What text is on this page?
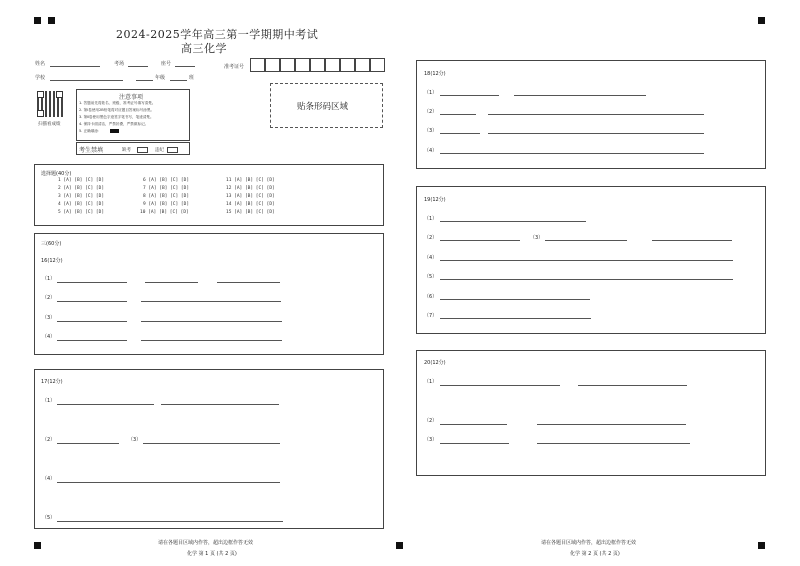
2024-2025学年高三第一学期期中考试
高三化学
姓名	考场	座号
学校	年级	班
准考证号
扫描看成绩
注意事项
1. 答题前先将姓名、班级、准考证号填写清楚。
2. 第Ⅰ卷使用2B铅笔将对应题目答案标号涂黑。
3. 第Ⅱ卷使用黑色字迹签字笔书写，笔迹清楚。
4. 保持卡面清洁，严禁折叠，严禁做标记。
5. 正确填涂：
考生禁填	缺考	违纪
贴条形码区域
选择题(40分)
1 [A] [B] [C] [D]
2 [A] [B] [C] [D]
3 [A] [B] [C] [D]
4 [A] [B] [C] [D]
5 [A] [B] [C] [D]
6 [A] [B] [C] [D]
7 [A] [B] [C] [D]
8 [A] [B] [C] [D]
9 [A] [B] [C] [D]
10 [A] [B] [C] [D]
11 [A] [B] [C] [D]
12 [A] [B] [C] [D]
13 [A] [B] [C] [D]
14 [A] [B] [C] [D]
15 [A] [B] [C] [D]
三(60分)
16(12分)
（1）
（2）
（3）
（4）
17(12分)
（1）
（2）	（3）
（4）
（5）
请在各题目区域内作答，超出边框作答无效
化学 第 1 页 (共 2 页)
18(12分)
（1）
（2）
（3）
（4）
19(12分)
（1）
（2）	（3）
（4）
（5）
（6）
（7）
20(12分)
（1）
（2）
（3）
请在各题目区域内作答，超出边框作答无效
化学 第 2 页 (共 2 页)
